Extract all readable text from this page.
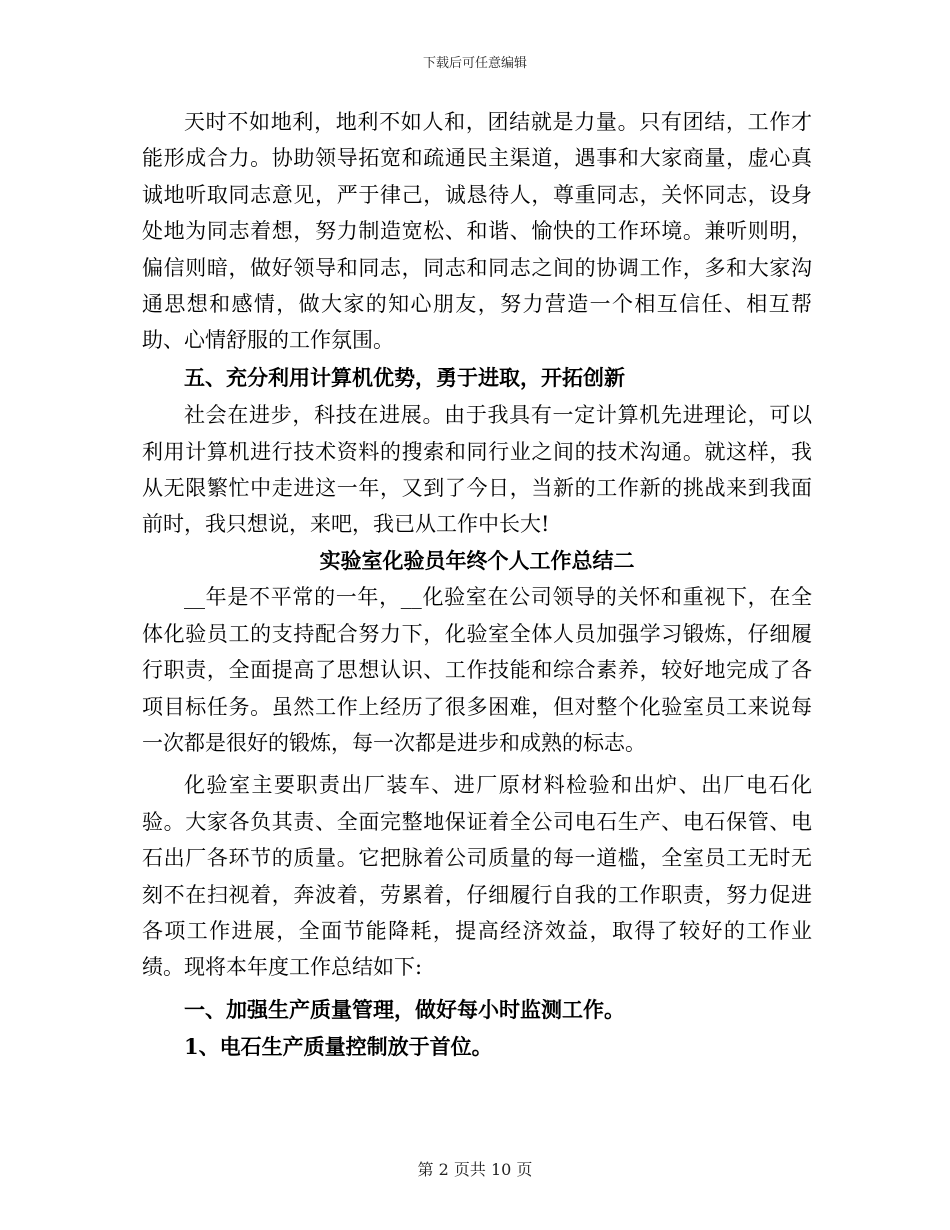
下载后可任意编辑

天时不如地利，地利不如人和，团结就是力量。只有团结，工作才能形成合力。协助领导拓宽和疏通民主渠道，遇事和大家商量，虚心真诚地听取同志意见，严于律己，诚恳待人，尊重同志，关怀同志，设身处地为同志着想，努力制造宽松、和谐、愉快的工作环境。兼听则明，偏信则暗，做好领导和同志，同志和同志之间的协调工作，多和大家沟通思想和感情，做大家的知心朋友，努力营造一个相互信任、相互帮助、心情舒服的工作氛围。

五、充分利用计算机优势，勇于进取，开拓创新

社会在进步，科技在进展。由于我具有一定计算机先进理论，可以利用计算机进行技术资料的搜索和同行业之间的技术沟通。就这样，我从无限繁忙中走进这一年，又到了今日，当新的工作新的挑战来到我面前时，我只想说，来吧，我已从工作中长大!

实验室化验员年终个人工作总结二

__年是不平常的一年，__化验室在公司领导的关怀和重视下，在全体化验员工的支持配合努力下，化验室全体人员加强学习锻炼，仔细履行职责，全面提高了思想认识、工作技能和综合素养，较好地完成了各项目标任务。虽然工作上经历了很多困难，但对整个化验室员工来说每一次都是很好的锻炼，每一次都是进步和成熟的标志。

化验室主要职责出厂装车、进厂原材料检验和出炉、出厂电石化验。大家各负其责、全面完整地保证着全公司电石生产、电石保管、电石出厂各环节的质量。它把脉着公司质量的每一道槛，全室员工无时无刻不在扫视着，奔波着，劳累着，仔细履行自我的工作职责，努力促进各项工作进展，全面节能降耗，提高经济效益，取得了较好的工作业绩。现将本年度工作总结如下:

一、加强生产质量管理，做好每小时监测工作。

1、电石生产质量控制放于首位。

第 2 页共 10 页
